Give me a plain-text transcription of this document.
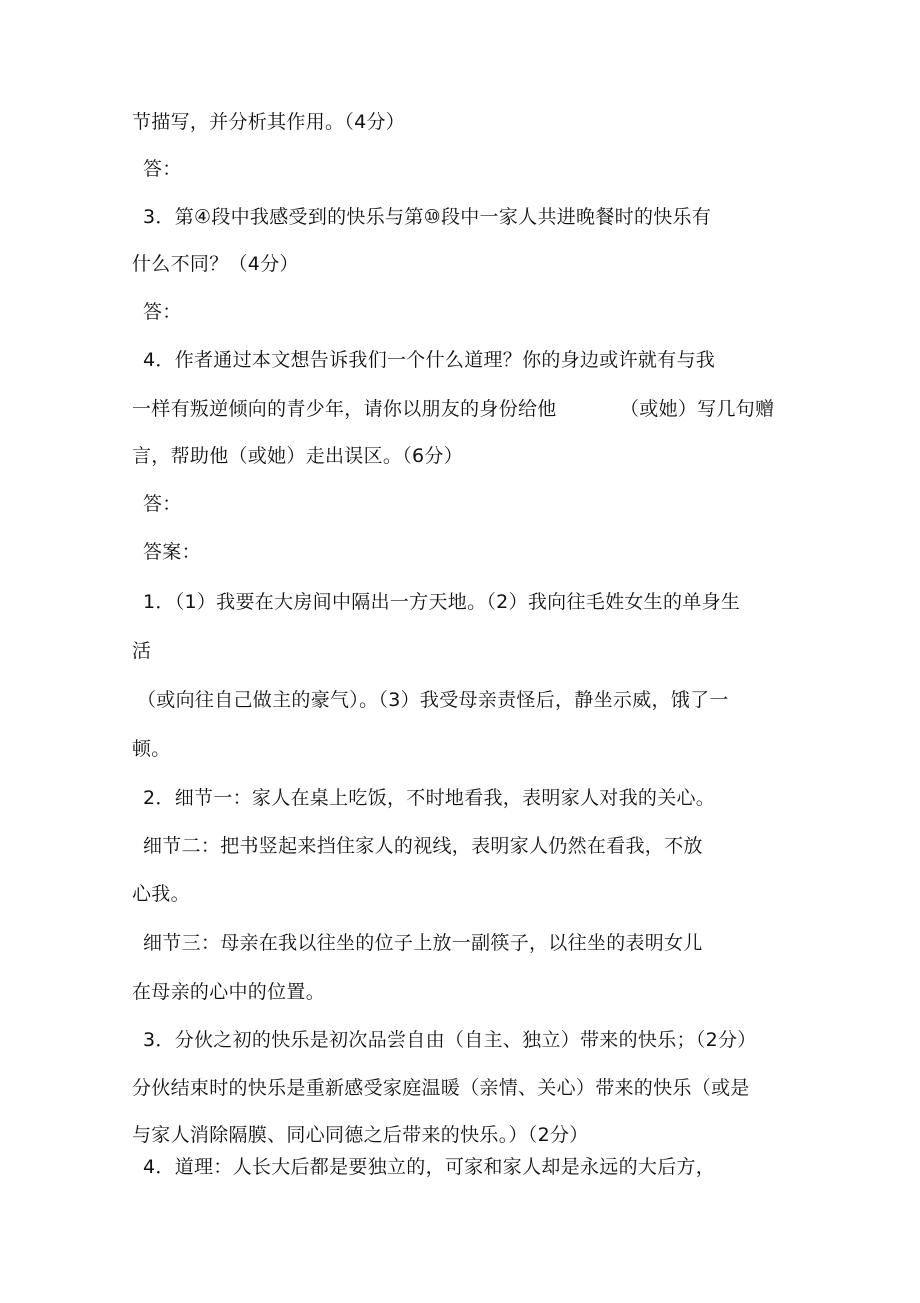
节描写，并分析其作用。（4分）

答：

3．第④段中我感受到的快乐与第⑩段中一家人共进晚餐时的快乐有

什么不同？（4分）

答：

4．作者通过本文想告诉我们一个什么道理？你的身边或许就有与我

一样有叛逆倾向的青少年，请你以朋友的身份给他	（或她）写几句赠

言，帮助他（或她）走出误区。（6分）

答：

答案：

1．（1）我要在大房间中隔出一方天地。（2）我向往毛姓女生的单身生

活

（或向往自己做主的豪气）。（3）我受母亲责怪后，静坐示威，饿了一

顿。

2．细节一：家人在桌上吃饭，不时地看我，表明家人对我的关心。

细节二：把书竖起来挡住家人的视线，表明家人仍然在看我，不放

心我。

细节三：母亲在我以往坐的位子上放一副筷子，以往坐的表明女儿

在母亲的心中的位置。

3．分伙之初的快乐是初次品尝自由（自主、独立）带来的快乐；（2分）

分伙结束时的快乐是重新感受家庭温暖（亲情、关心）带来的快乐（或是

与家人消除隔膜、同心同德之后带来的快乐。）（2分）

4．道理：人长大后都是要独立的，可家和家人却是永远的大后方，
